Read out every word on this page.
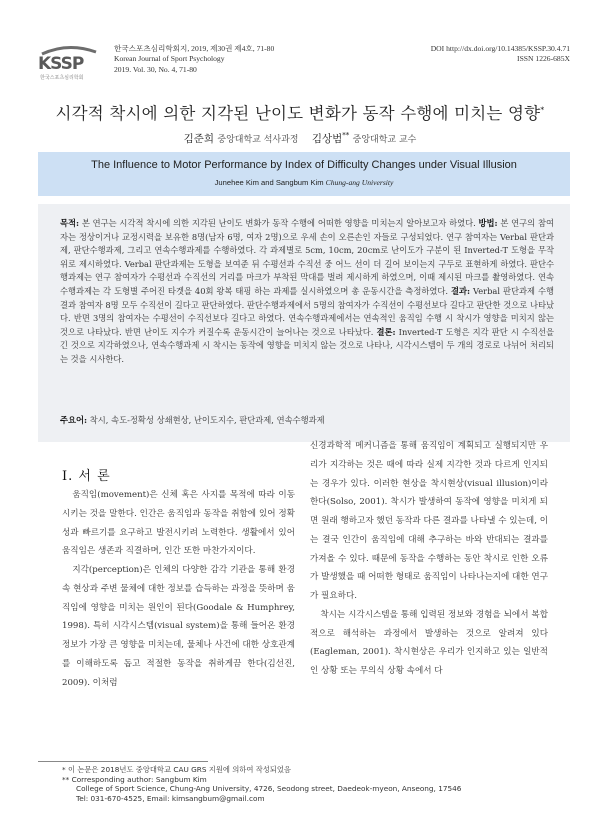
KSSP
한국스포츠심리학회
한국스포츠심리학회지, 2019, 제30권 제4호, 71-80
Korean Journal of Sport Psychology
2019. Vol. 30, No. 4, 71-80
DOI http://dx.doi.org/10.14385/KSSP.30.4.71
ISSN 1226-685X
시각적 착시에 의한 지각된 난이도 변화가 동작 수행에 미치는 영향*
김준희 중앙대학교 석사과정 김상범** 중앙대학교 교수
The Influence to Motor Performance by Index of Difficulty Changes under Visual Illusion
Junehee Kim and Sangbum Kim Chung-ang University
목적: 본 연구는 시각적 착시에 의한 지각된 난이도 변화가 동작 수행에 어떠한 영향을 미치는지 알아보고자 하였다. 방법: 본 연구의 참여자는 정상이거나 교정시력을 보유한 8명(남자 6명, 여자 2명)으로 우세 손이 오른손인 자들로 구성되었다. 연구 참여자는 Verbal 판단과제, 판단수행과제, 그리고 연속수행과제를 수행하였다. 각 과제별로 5cm, 10cm, 20cm로 난이도가 구분이 된 Inverted-T 도형을 무작위로 제시하였다. Verbal 판단과제는 도형을 보여준 뒤 수평선과 수직선 중 어느 선이 더 길어 보이는지 구두로 표현하게 하였다. 판단수행과제는 연구 참여자가 수평선과 수직선의 거리를 마크가 부착된 막대를 벌려 제시하게 하였으며, 이때 제시된 마크를 촬영하였다. 연속수행과제는 각 도형별 주어진 타겟을 40회 왕복 태핑 하는 과제를 실시하였으며 총 운동시간을 측정하였다. 결과: Verbal 판단과제 수행 결과 참여자 8명 모두 수직선이 길다고 판단하였다. 판단수행과제에서 5명의 참여자가 수직선이 수평선보다 길다고 판단한 것으로 나타났다. 반면 3명의 참여자는 수평선이 수직선보다 길다고 하였다. 연속수행과제에서는 연속적인 움직임 수행 시 착시가 영향을 미치지 않는 것으로 나타났다. 반면 난이도 지수가 커질수록 운동시간이 늘어나는 것으로 나타났다. 결론: Inverted-T 도형은 지각 판단 시 수직선을 긴 것으로 지각하였으나, 연속수행과제 시 착시는 동작에 영향을 미치지 않는 것으로 나타나, 시각시스템이 두 개의 경로로 나뉘어 처리되는 것을 시사한다.
주요어: 착시, 속도-정확성 상쇄현상, 난이도지수, 판단과제, 연속수행과제
I. 서 론

움직임(movement)은 신체 혹은 사지를 목적에 따라 이동시키는 것을 말한다. 인간은 움직임과 동작을 취함에 있어 정확성과 빠르기를 요구하고 발전시키려 노력한다. 생활에서 있어 움직임은 생존과 직결하며, 인간 또한 마찬가지이다.

지각(perception)은 인체의 다양한 감각 기관을 통해 환경 속 현상과 주변 물체에 대한 정보를 습득하는 과정을 뜻하며 움직임에 영향을 미치는 원인이 된다(Goodale & Humphrey, 1998). 특히 시각시스템(visual system)을 통해 들어온 환경 정보가 가장 큰 영향을 미치는데, 물체나 사건에 대한 상호관계를 이해하도록 돕고 적절한 동작을 취하게끔 한다(김선진, 2009). 이처럼

신경과학적 메커니즘을 통해 움직임이 계획되고 실행되지만 우리가 지각하는 것은 때에 따라 실제 지각한 것과 다르게 인지되는 경우가 있다. 이러한 현상을 착시현상(visual illusion)이라 한다(Solso, 2001). 착시가 발생하여 동작에 영향을 미치게 되면 원래 행하고자 했던 동작과 다른 결과를 나타낼 수 있는데, 이는 결국 인간이 움직임에 대해 추구하는 바와 반대되는 결과를 가져올 수 있다. 때문에 동작을 수행하는 동안 착시로 인한 오류가 발생했을 때 어떠한 형태로 움직임이 나타나는지에 대한 연구가 필요하다.

착시는 시각시스템을 통해 입력된 정보와 경험을 뇌에서 복합적으로 해석하는 과정에서 발생하는 것으로 알려져 있다(Eagleman, 2001). 착시현상은 우리가 인지하고 있는 일반적인 상황 또는 무의식 상황 속에서 다

* 이 논문은 2018년도 중앙대학교 CAU GRS 지원에 의하여 작성되었음
** Corresponding author: Sangbum Kim
College of Sport Science, Chung-Ang University, 4726, Seodong street, Daedeok-myeon, Anseong, 17546
Tel: 031-670-4525, Email: kimsangbum@gmail.com
